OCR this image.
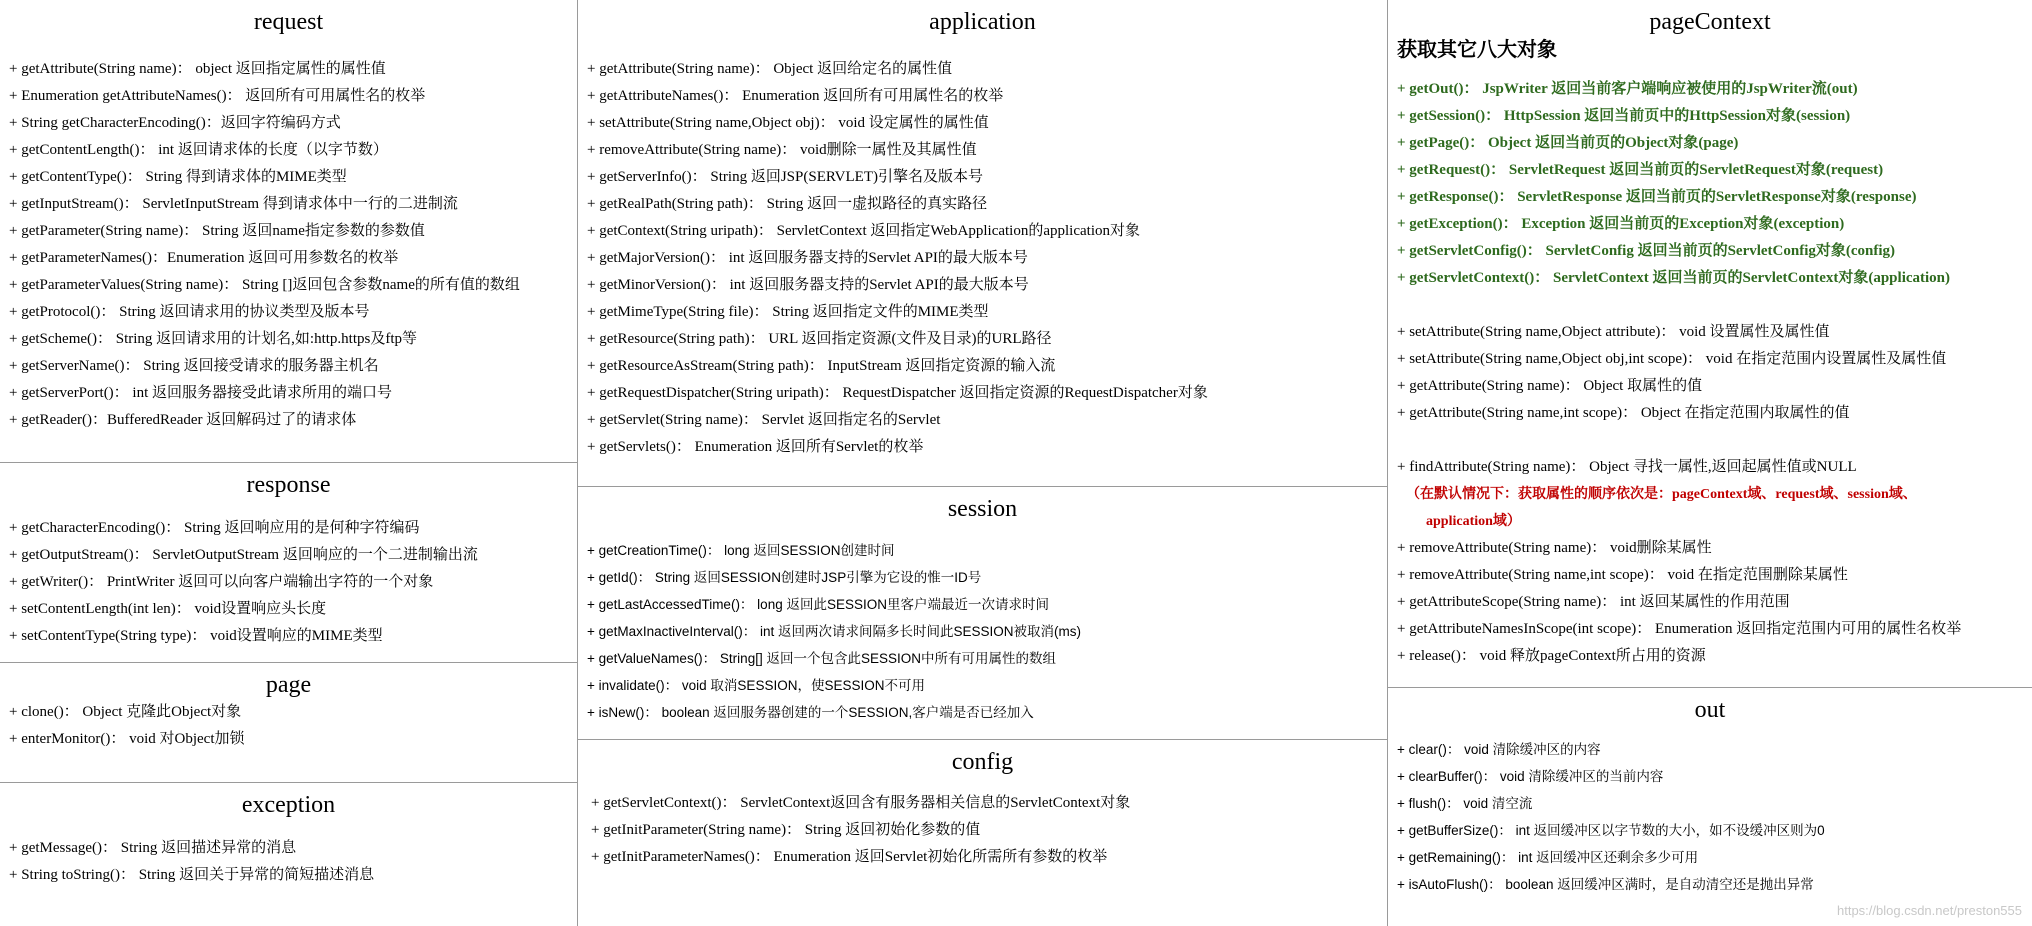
request
+ getAttribute(String name)： object 返回指定属性的属性值
+ Enumeration getAttributeNames()： 返回所有可用属性名的枚举
+ String getCharacterEncoding()：返回字符编码方式
+ getContentLength()： int 返回请求体的长度（以字节数）
+ getContentType()： String 得到请求体的MIME类型
+ getInputStream()： ServletInputStream 得到请求体中一行的二进制流
+ getParameter(String name)： String 返回name指定参数的参数值
+ getParameterNames()：Enumeration 返回可用参数名的枚举
+ getParameterValues(String name)： String []返回包含参数name的所有值的数组
+ getProtocol()： String 返回请求用的协议类型及版本号
+ getScheme()： String 返回请求用的计划名,如:http.https及ftp等
+ getServerName()： String 返回接受请求的服务器主机名
+ getServerPort()： int 返回服务器接受此请求所用的端口号
+ getReader()：BufferedReader 返回解码过了的请求体
response
+ getCharacterEncoding()： String 返回响应用的是何种字符编码
+ getOutputStream()： ServletOutputStream 返回响应的一个二进制输出流
+ getWriter()： PrintWriter 返回可以向客户端输出字符的一个对象
+ setContentLength(int len)： void设置响应头长度
+ setContentType(String type)： void设置响应的MIME类型
page
+ clone()： Object 克隆此Object对象
+ enterMonitor()： void 对Object加锁
exception
+ getMessage()： String 返回描述异常的消息
+ String toString()： String 返回关于异常的简短描述消息
application
+ getAttribute(String name)： Object 返回给定名的属性值
+ getAttributeNames()： Enumeration 返回所有可用属性名的枚举
+ setAttribute(String name,Object obj)： void 设定属性的属性值
+ removeAttribute(String name)： void删除一属性及其属性值
+ getServerInfo()： String 返回JSP(SERVLET)引擎名及版本号
+ getRealPath(String path)： String 返回一虚拟路径的真实路径
+ getContext(String uripath)： ServletContext 返回指定WebApplication的application对象
+ getMajorVersion()： int 返回服务器支持的Servlet API的最大版本号
+ getMinorVersion()： int 返回服务器支持的Servlet API的最大版本号
+ getMimeType(String file)： String 返回指定文件的MIME类型
+ getResource(String path)： URL 返回指定资源(文件及目录)的URL路径
+ getResourceAsStream(String path)： InputStream 返回指定资源的输入流
+ getRequestDispatcher(String uripath)： RequestDispatcher 返回指定资源的RequestDispatcher对象
+ getServlet(String name)： Servlet 返回指定名的Servlet
+ getServlets()： Enumeration 返回所有Servlet的枚举
session
+ getCreationTime()： long 返回SESSION创建时间
+ getId()： String 返回SESSION创建时JSP引擎为它设的惟一ID号
+ getLastAccessedTime()： long 返回此SESSION里客户端最近一次请求时间
+ getMaxInactiveInterval()： int 返回两次请求间隔多长时间此SESSION被取消(ms)
+ getValueNames()： String[] 返回一个包含此SESSION中所有可用属性的数组
+ invalidate()： void 取消SESSION，使SESSION不可用
+ isNew()： boolean 返回服务器创建的一个SESSION,客户端是否已经加入
config
+ getServletContext()： ServletContext返回含有服务器相关信息的ServletContext对象
+ getInitParameter(String name)： String 返回初始化参数的值
+ getInitParameterNames()： Enumeration 返回Servlet初始化所需所有参数的枚举
pageContext
获取其它八大对象
+ getOut()： JspWriter 返回当前客户端响应被使用的JspWriter流(out)
+ getSession()： HttpSession 返回当前页中的HttpSession对象(session)
+ getPage()： Object 返回当前页的Object对象(page)
+ getRequest()： ServletRequest 返回当前页的ServletRequest对象(request)
+ getResponse()： ServletResponse 返回当前页的ServletResponse对象(response)
+ getException()： Exception 返回当前页的Exception对象(exception)
+ getServletConfig()： ServletConfig 返回当前页的ServletConfig对象(config)
+ getServletContext()： ServletContext 返回当前页的ServletContext对象(application)
+ setAttribute(String name,Object attribute)： void 设置属性及属性值
+ setAttribute(String name,Object obj,int scope)： void 在指定范围内设置属性及属性值
+ getAttribute(String name)： Object 取属性的值
+ getAttribute(String name,int scope)： Object 在指定范围内取属性的值
+ findAttribute(String name)： Object 寻找一属性,返回起属性值或NULL
（在默认情况下：获取属性的顺序依次是：pageContext域、request域、session域、
application域）
+ removeAttribute(String name)： void删除某属性
+ removeAttribute(String name,int scope)： void 在指定范围删除某属性
+ getAttributeScope(String name)： int 返回某属性的作用范围
+ getAttributeNamesInScope(int scope)： Enumeration 返回指定范围内可用的属性名枚举
+ release()： void 释放pageContext所占用的资源
out
+ clear()： void 清除缓冲区的内容
+ clearBuffer()： void 清除缓冲区的当前内容
+ flush()： void 清空流
+ getBufferSize()： int 返回缓冲区以字节数的大小，如不设缓冲区则为0
+ getRemaining()： int 返回缓冲区还剩余多少可用
+ isAutoFlush()： boolean 返回缓冲区满时，是自动清空还是抛出异常
https://blog.csdn.net/preston555
